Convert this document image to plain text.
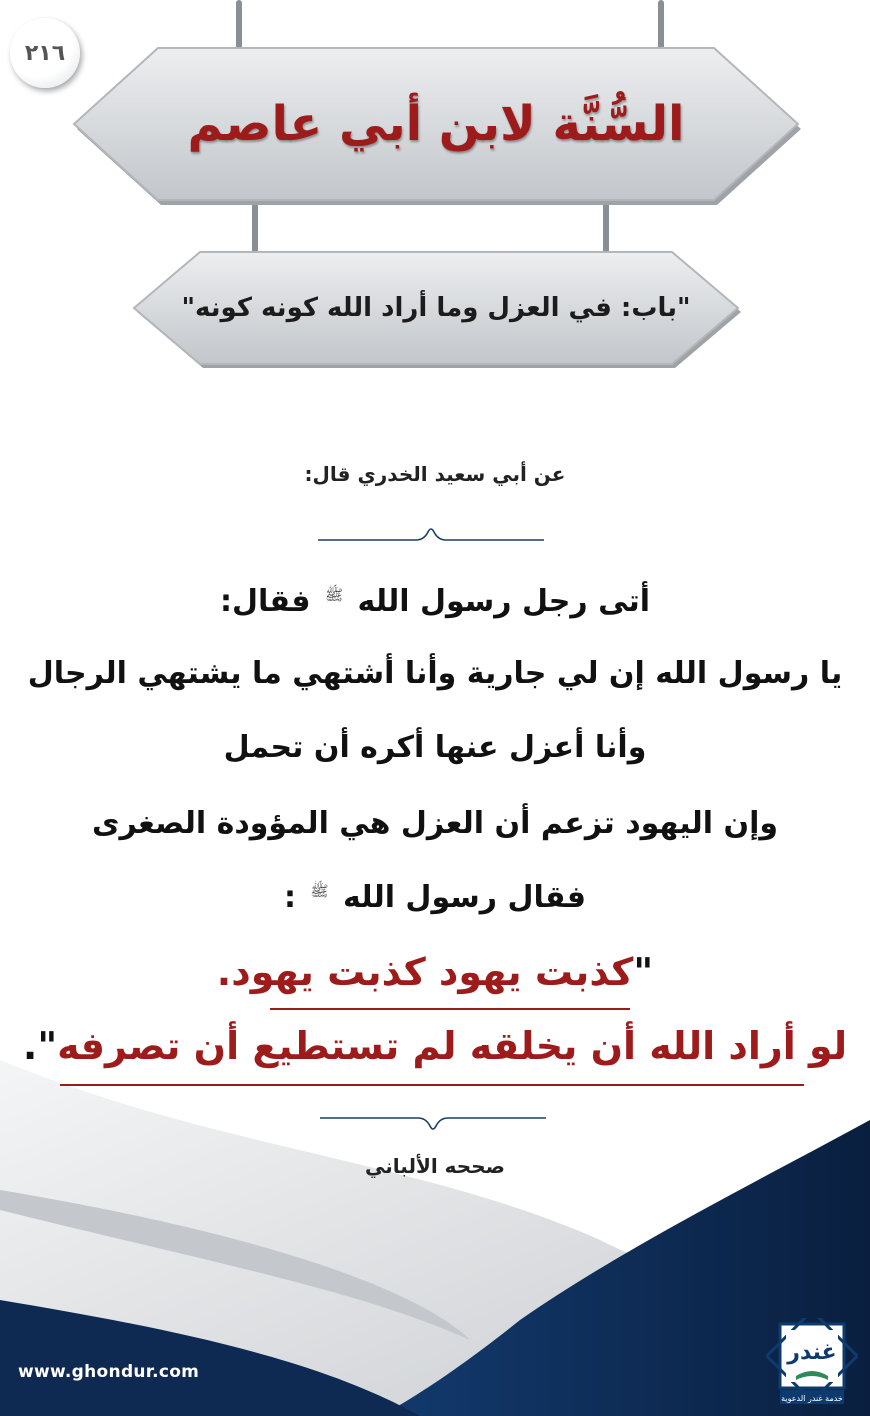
٢١٦
السُّنَّة لابن أبي عاصم
"باب: في العزل وما أراد الله كونه كونه"
عن أبي سعيد الخدري قال:
أتى رجل رسول الله $^ﷺ$ فقال:
يا رسول الله إن لي جارية وأنا أشتهي ما يشتهي الرجال
وأنا أعزل عنها أكره أن تحمل
وإن اليهود تزعم أن العزل هي المؤودة الصغرى
فقال رسول الله $^ﷺ$ :
"كذبت يهود كذبت يهود.
لو أراد الله أن يخلقه لم تستطيع أن تصرفه".
صححه الألباني
www.ghondur.com
غندر
خدمة غندر الدعوية
